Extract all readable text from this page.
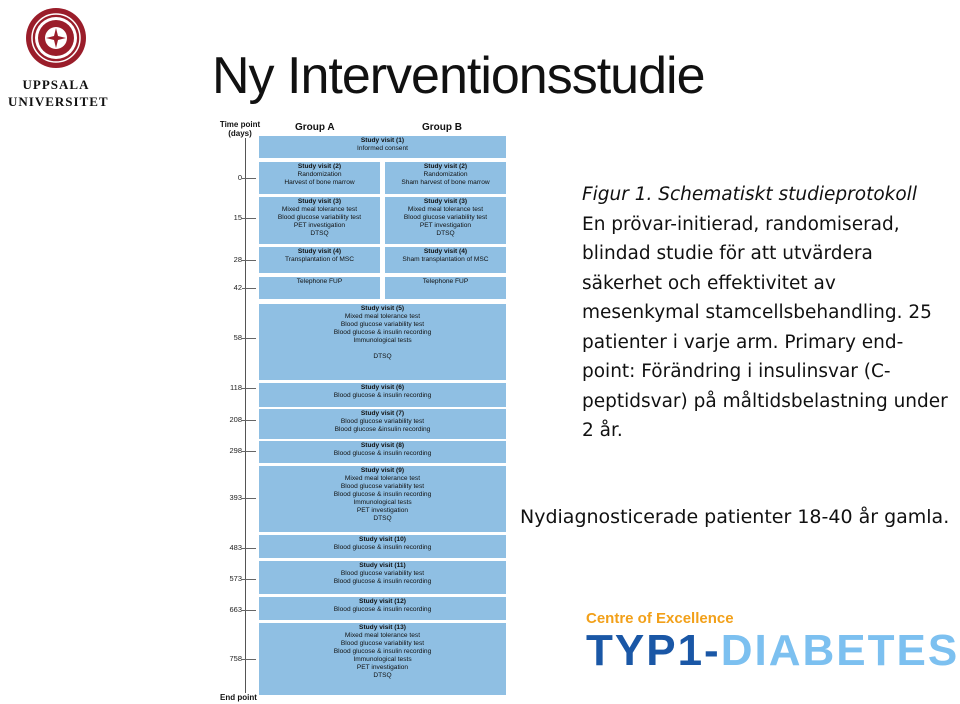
UPPSALA
UNIVERSITET Ny Interventionsstudie
Time point (days)
Group A	Group B
End point
0
15
28
42
58
118
208
298
393
483
573
663
758
Study visit (1)
Informed consent
Study visit (2)
Randomization
Harvest of bone marrow
Study visit (2)
Randomization
Sham harvest of bone marrow
Study visit (3)
Mixed meal tolerance test
Blood glucose variability test
PET investigation
DTSQ
Study visit (3)
Mixed meal tolerance test
Blood glucose variability test
PET investigation
DTSQ
Study visit (4)
Transplantation of MSC
Study visit (4)
Sham transplantation of MSC
Telephone FUP	Telephone FUP
Study visit (5)
Mixed meal tolerance test
Blood glucose variability test
Blood glucose & insulin recording
Immunological tests

DTSQ
Study visit (6)
Blood glucose & insulin recording
Study visit (7)
Blood glucose variability test
Blood glucose &insulin recording
Study visit (8)
Blood glucose & insulin recording
Study visit (9)
Mixed meal tolerance test
Blood glucose variability test
Blood glucose & insulin recording
Immunological tests
PET investigation
DTSQ
Study visit (10)
Blood glucose & insulin recording
Study visit (11)
Blood glucose variability test
Blood glucose & insulin recording
Study visit (12)
Blood glucose & insulin recording
Study visit (13)
Mixed meal tolerance test
Blood glucose variability test
Blood glucose & insulin recording
Immunological tests
PET investigation
DTSQ
Figur 1. Schematiskt studieprotokoll
En prövar-initierad, randomiserad, blindad studie för att utvärdera säkerhet och effektivitet av mesenkymal stamcellsbehandling. 25 patienter i varje arm. Primary end-point: Förändring i insulinsvar (C-peptidsvar) på måltidsbelastning under 2 år.
Nydiagnosticerade patienter 18-40 år gamla.
Centre of Excellence
TYP1-DIABETES
